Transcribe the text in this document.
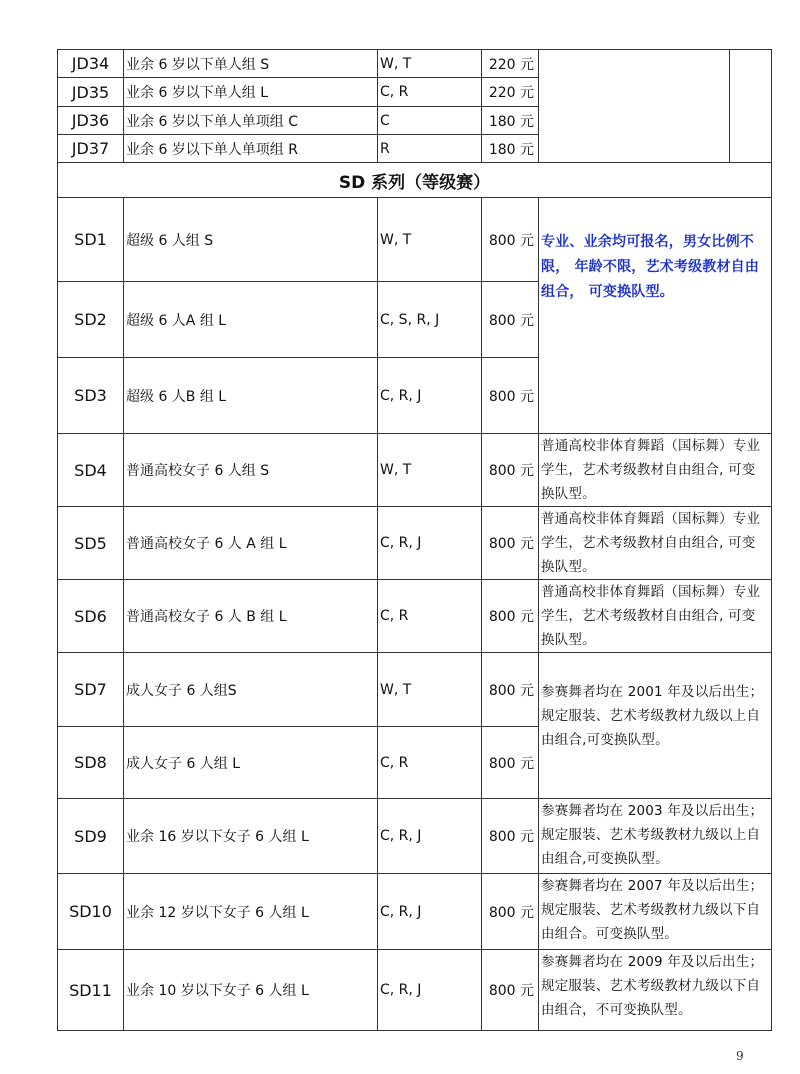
JD34	业余 6 岁以下单人组 S	W, T	220 元		
JD35	业余 6 岁以下单人组 L	C, R	220 元		
JD36	业余 6 岁以下单人单项组 C	C	180 元		
JD37	业余 6 岁以下单人单项组 R	R	180 元		
SD 系列（等级赛）					
SD1	超级 6 人组 S	W, T	800 元	专业、业余均可报名，男女比例不限， 年龄不限，艺术考级教材自由组合， 可变换队型。	
SD2	超级 6 人A 组 L	C, S, R, J	800 元		
SD3	超级 6 人B 组 L	C, R, J	800 元		
SD4	普通高校女子 6 人组 S	W, T	800 元	普通高校非体育舞蹈（国标舞）专业学生，艺术考级教材自由组合, 可变换队型。	
SD5	普通高校女子 6 人 A 组 L	C, R, J	800 元	普通高校非体育舞蹈（国标舞）专业学生，艺术考级教材自由组合, 可变换队型。	
SD6	普通高校女子 6 人 B 组 L	C, R	800 元	普通高校非体育舞蹈（国标舞）专业学生，艺术考级教材自由组合, 可变换队型。	
SD7	成人女子 6 人组S	W, T	800 元	参赛舞者均在 2001 年及以后出生； 规定服装、艺术考级教材九级以上自由组合,可变换队型。	
SD8	成人女子 6 人组 L	C, R	800 元		
SD9	业余 16 岁以下女子 6 人组 L	C, R, J	800 元	参赛舞者均在 2003 年及以后出生； 规定服装、艺术考级教材九级以上自由组合,可变换队型。	
SD10	业余 12 岁以下女子 6 人组 L	C, R, J	800 元	参赛舞者均在 2007 年及以后出生； 规定服装、艺术考级教材九级以下自由组合。可变换队型。	
SD11	业余 10 岁以下女子 6 人组 L	C, R, J	800 元	参赛舞者均在 2009 年及以后出生； 规定服装、艺术考级教材九级以下自由组合，不可变换队型。	
9
